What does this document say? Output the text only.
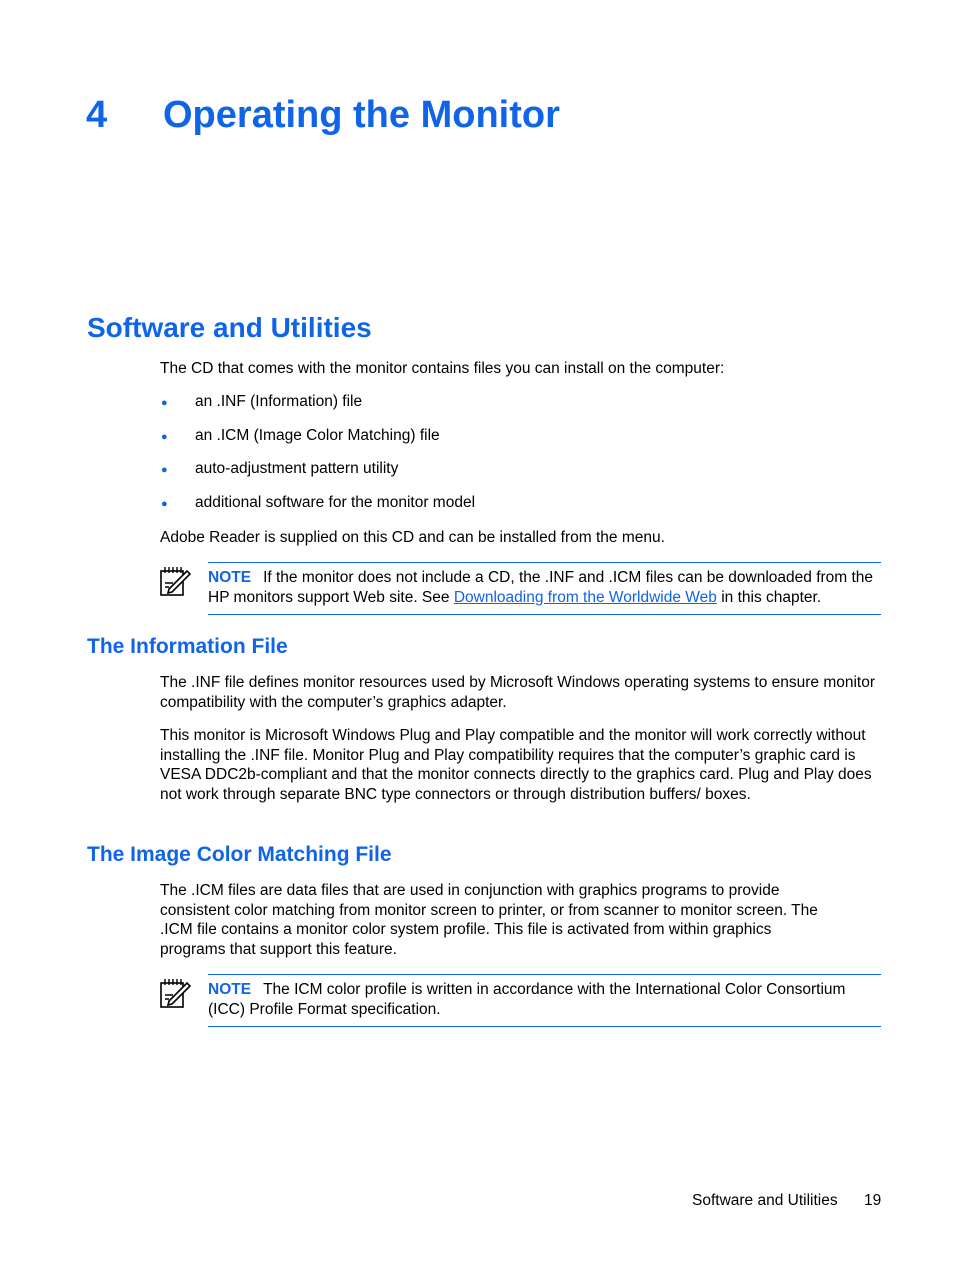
4 Operating the Monitor
Software and Utilities
The CD that comes with the monitor contains files you can install on the computer:
● an .INF (Information) file
● an .ICM (Image Color Matching) file
● auto-adjustment pattern utility
● additional software for the monitor model
Adobe Reader is supplied on this CD and can be installed from the menu.
NOTE If the monitor does not include a CD, the .INF and .ICM files can be downloaded from the HP monitors support Web site. See Downloading from the Worldwide Web in this chapter.
The Information File
The .INF file defines monitor resources used by Microsoft Windows operating systems to ensure monitor compatibility with the computer’s graphics adapter.
This monitor is Microsoft Windows Plug and Play compatible and the monitor will work correctly without installing the .INF file. Monitor Plug and Play compatibility requires that the computer’s graphic card is VESA DDC2b-compliant and that the monitor connects directly to the graphics card. Plug and Play does not work through separate BNC type connectors or through distribution buffers/ boxes.
The Image Color Matching File
The .ICM files are data files that are used in conjunction with graphics programs to provide consistent color matching from monitor screen to printer, or from scanner to monitor screen. The .ICM file contains a monitor color system profile. This file is activated from within graphics programs that support this feature.
NOTE The ICM color profile is written in accordance with the International Color Consortium (ICC) Profile Format specification.
Software and Utilities 19
